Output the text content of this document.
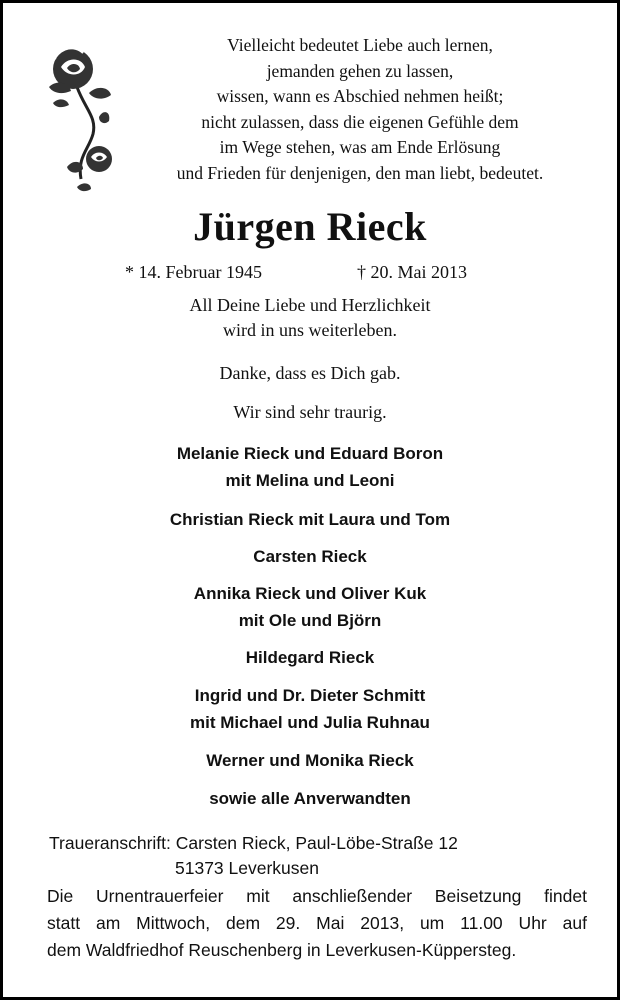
Vielleicht bedeutet Liebe auch lernen,
jemanden gehen zu lassen,
wissen, wann es Abschied nehmen heißt;
nicht zulassen, dass die eigenen Gefühle dem
im Wege stehen, was am Ende Erlösung
und Frieden für denjenigen, den man liebt, bedeutet.
Jürgen Rieck
* 14. Februar 1945	† 20. Mai 2013
All Deine Liebe und Herzlichkeit
wird in uns weiterleben.
Danke, dass es Dich gab.
Wir sind sehr traurig.
Melanie Rieck und Eduard Boron
mit Melina und Leoni
Christian Rieck mit Laura und Tom
Carsten Rieck
Annika Rieck und Oliver Kuk
mit Ole und Björn
Hildegard Rieck
Ingrid und Dr. Dieter Schmitt
mit Michael und Julia Ruhnau
Werner und Monika Rieck
sowie alle Anverwandten
Traueranschrift: Carsten Rieck, Paul-Löbe-Straße 12
51373 Leverkusen
Die Urnentrauerfeier mit anschließender Beisetzung findet
statt am Mittwoch, dem 29. Mai 2013, um 11.00 Uhr auf
dem Waldfriedhof Reuschenberg in Leverkusen-Küppersteg.
